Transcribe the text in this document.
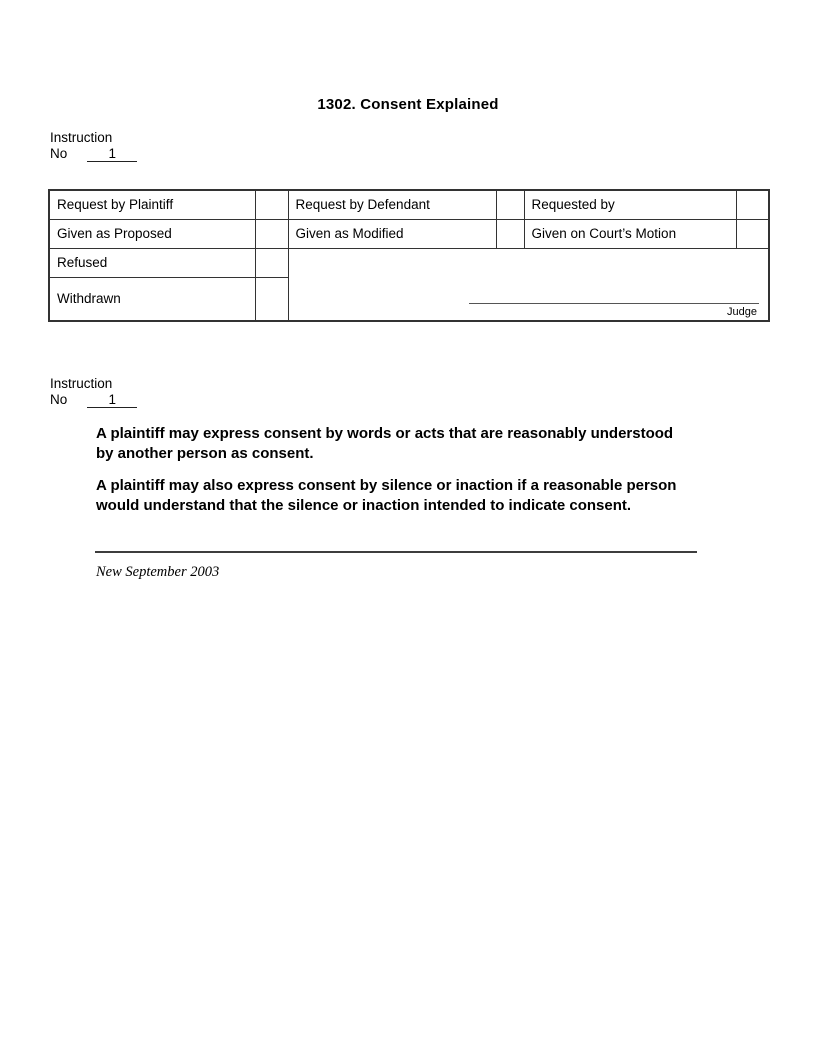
1302. Consent Explained
Instruction
No	1
Request by Plaintiff		Request by Defendant		Requested by	
Given as Proposed		Given as Modified		Given on Court’s Motion	
Refused		Judge			

Withdrawn					
Instruction
No	1
A plaintiff may express consent by words or acts that are reasonably understood
by another person as consent.
A plaintiff may also express consent by silence or inaction if a reasonable person
would understand that the silence or inaction intended to indicate consent.
New September 2003
